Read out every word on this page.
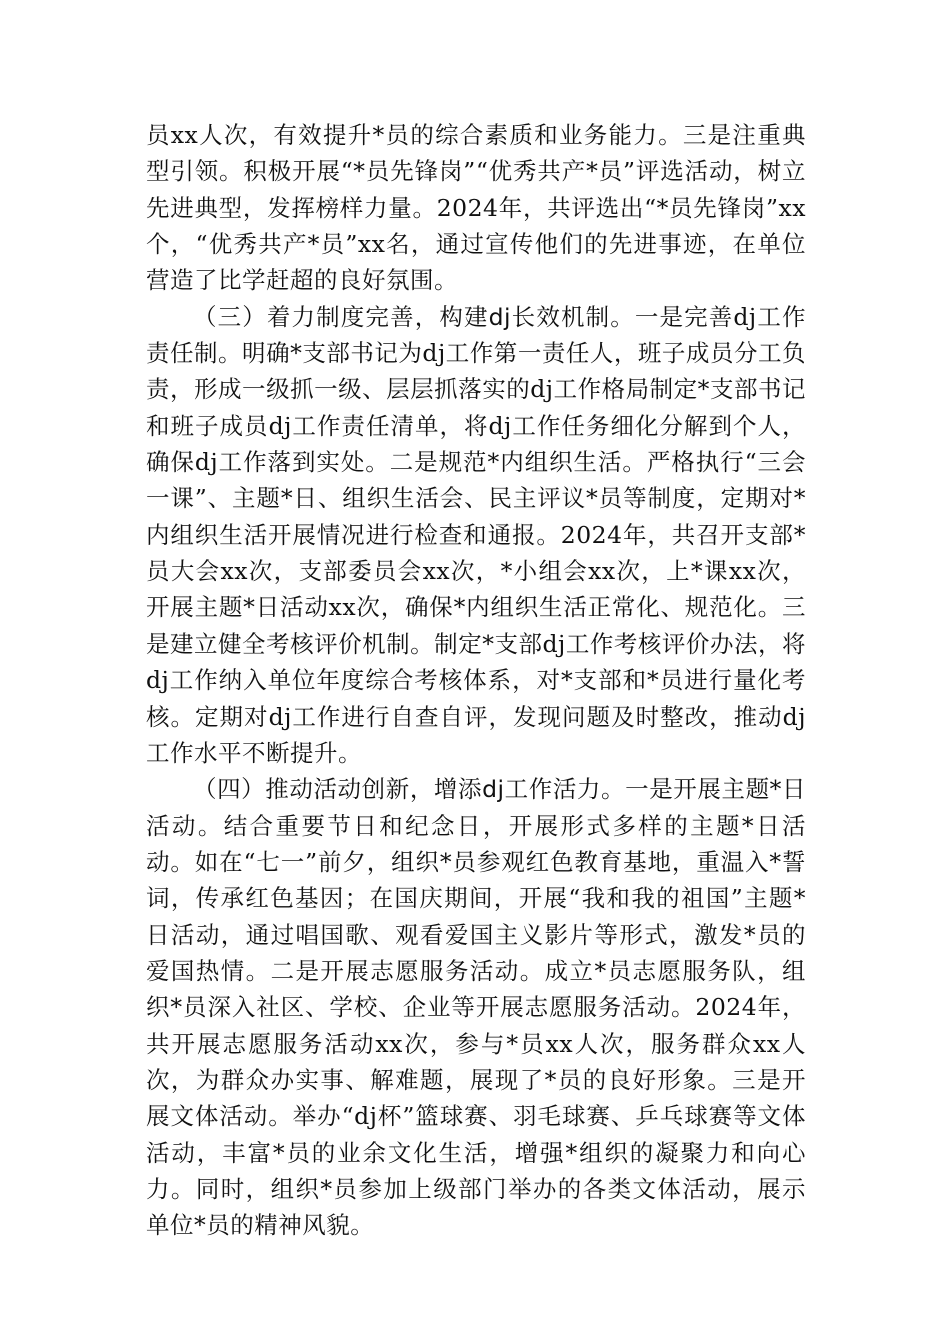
员xx人次，有效提升*员的综合素质和业务能力。三是注重典型引领。积极开展“*员先锋岗”“优秀共产*员”评选活动，树立先进典型，发挥榜样力量。2024年，共评选出“*员先锋岗”xx个，“优秀共产*员”xx名，通过宣传他们的先进事迹，在单位营造了比学赶超的良好氛围。

（三）着力制度完善，构建dj长效机制。一是完善dj工作责任制。明确*支部书记为dj工作第一责任人，班子成员分工负责，形成一级抓一级、层层抓落实的dj工作格局制定*支部书记和班子成员dj工作责任清单，将dj工作任务细化分解到个人，确保dj工作落到实处。二是规范*内组织生活。严格执行“三会一课”、主题*日、组织生活会、民主评议*员等制度，定期对*内组织生活开展情况进行检查和通报。2024年，共召开支部*员大会xx次，支部委员会xx次，*小组会xx次，上*课xx次，开展主题*日活动xx次，确保*内组织生活正常化、规范化。三是建立健全考核评价机制。制定*支部dj工作考核评价办法，将dj工作纳入单位年度综合考核体系，对*支部和*员进行量化考核。定期对dj工作进行自查自评，发现问题及时整改，推动dj工作水平不断提升。

（四）推动活动创新，增添dj工作活力。一是开展主题*日活动。结合重要节日和纪念日，开展形式多样的主题*日活动。如在“七一”前夕，组织*员参观红色教育基地，重温入*誓词，传承红色基因；在国庆期间，开展“我和我的祖国”主题*日活动，通过唱国歌、观看爱国主义影片等形式，激发*员的爱国热情。二是开展志愿服务活动。成立*员志愿服务队，组织*员深入社区、学校、企业等开展志愿服务活动。2024年，共开展志愿服务活动xx次，参与*员xx人次，服务群众xx人次，为群众办实事、解难题，展现了*员的良好形象。三是开展文体活动。举办“dj杯”篮球赛、羽毛球赛、乒乓球赛等文体活动，丰富*员的业余文化生活，增强*组织的凝聚力和向心力。同时，组织*员参加上级部门举办的各类文体活动，展示单位*员的精神风貌。
